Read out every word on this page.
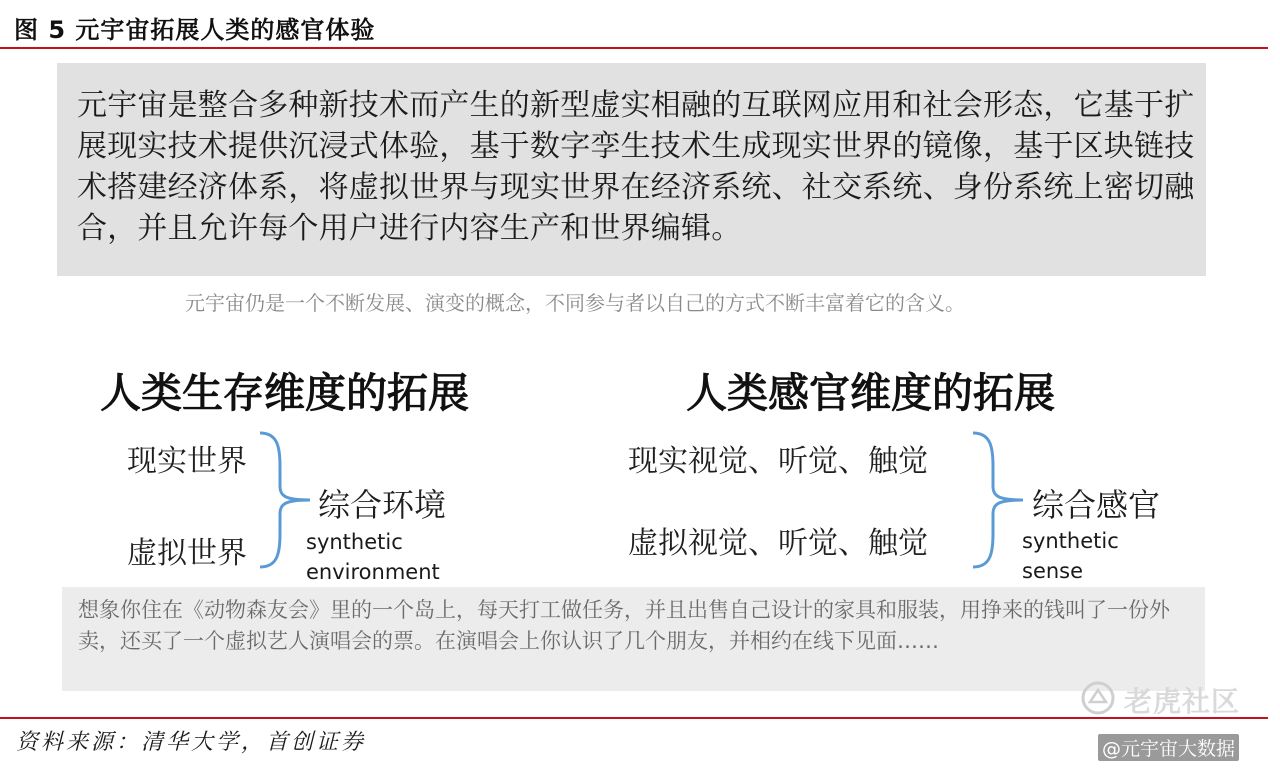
图 5 元宇宙拓展人类的感官体验
元宇宙是整合多种新技术而产生的新型虚实相融的互联网应用和社会形态，它基于扩展现实技术提供沉浸式体验，基于数字孪生技术生成现实世界的镜像，基于区块链技术搭建经济体系，将虚拟世界与现实世界在经济系统、社交系统、身份系统上密切融合，并且允许每个用户进行内容生产和世界编辑。
元宇宙仍是一个不断发展、演变的概念，不同参与者以自己的方式不断丰富着它的含义。
人类生存维度的拓展
现实世界
虚拟世界
综合环境
synthetic
environment
人类感官维度的拓展
现实视觉、听觉、触觉
虚拟视觉、听觉、触觉
综合感官
synthetic
sense
想象你住在《动物森友会》里的一个岛上，每天打工做任务，并且出售自己设计的家具和服装，用挣来的钱叫了一份外卖，还买了一个虚拟艺人演唱会的票。在演唱会上你认识了几个朋友，并相约在线下见面……
资料来源：清华大学，首创证券
老虎社区
@元宇宙大数据
